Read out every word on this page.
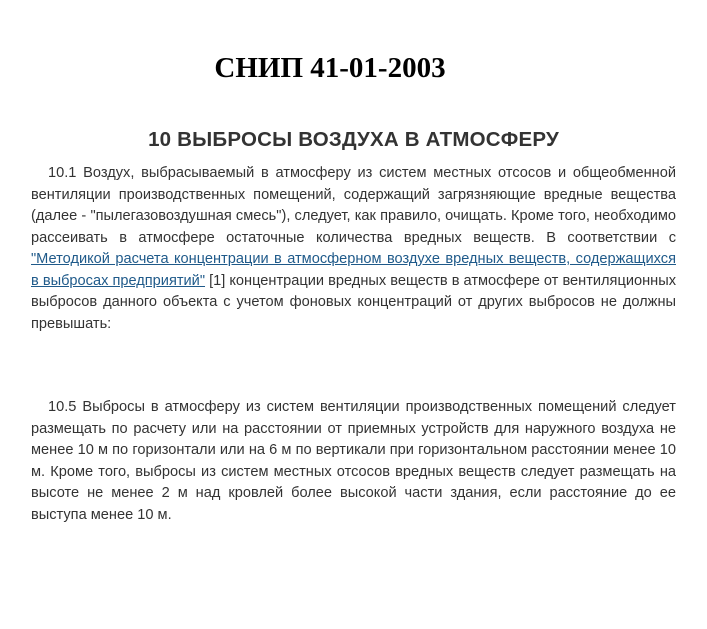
СНИП 41-01-2003
10 ВЫБРОСЫ ВОЗДУХА В АТМОСФЕРУ

10.1 Воздух, выбрасываемый в атмосферу из систем местных отсосов и общеобменной вентиляции производственных помещений, содержащий загрязняющие вредные вещества (далее - "пылегазовоздушная смесь"), следует, как правило, очищать. Кроме того, необходимо рассеивать в атмосфере остаточные количества вредных веществ. В соответствии с "Методикой расчета концентрации в атмосферном воздухе вредных веществ, содержащихся в выбросах предприятий" [1] концентрации вредных веществ в атмосфере от вентиляционных выбросов данного объекта с учетом фоновых концентраций от других выбросов не должны превышать:

10.5 Выбросы в атмосферу из систем вентиляции производственных помещений следует размещать по расчету или на расстоянии от приемных устройств для наружного воздуха не менее 10 м по горизонтали или на 6 м по вертикали при горизонтальном расстоянии менее 10 м. Кроме того, выбросы из систем местных отсосов вредных веществ следует размещать на высоте не менее 2 м над кровлей более высокой части здания, если расстояние до ее выступа менее 10 м.
